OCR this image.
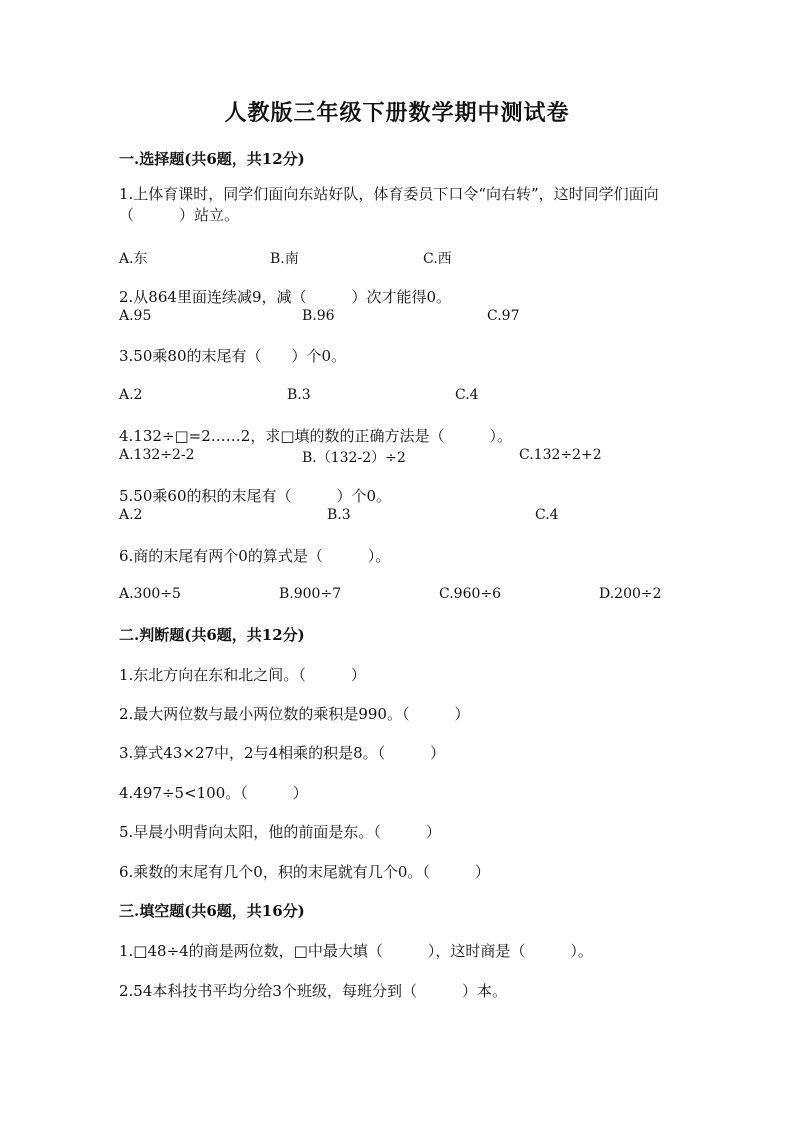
人教版三年级下册数学期中测试卷
一.选择题(共6题，共12分)
1.上体育课时，同学们面向东站好队，体育委员下口令“向右转”，这时同学们面向（　　　）站立。
A.东	B.南	C.西
2.从864里面连续减9，减（　　　）次才能得0。
A.95	B.96	C.97
3.50乘80的末尾有（　　）个0。
A.2	B.3	C.4
4.132÷□=2……2，求□填的数的正确方法是（　　　）。
A.132÷2-2	B.（132-2）÷2	C.132÷2+2
5.50乘60的积的末尾有（　　　）个0。
A.2	B.3	C.4
6.商的末尾有两个0的算式是（　　　）。
A.300÷5	B.900÷7	C.960÷6	D.200÷2
二.判断题(共6题，共12分)
1.东北方向在东和北之间。（　　　）
2.最大两位数与最小两位数的乘积是990。（　　　）
3.算式43×27中，2与4相乘的积是8。（　　　）
4.497÷5<100。（　　　）
5.早晨小明背向太阳，他的前面是东。（　　　）
6.乘数的末尾有几个0，积的末尾就有几个0。（　　　）
三.填空题(共6题，共16分)
1.□48÷4的商是两位数，□中最大填（　　　），这时商是（　　　）。
2.54本科技书平均分给3个班级，每班分到（　　　）本。
